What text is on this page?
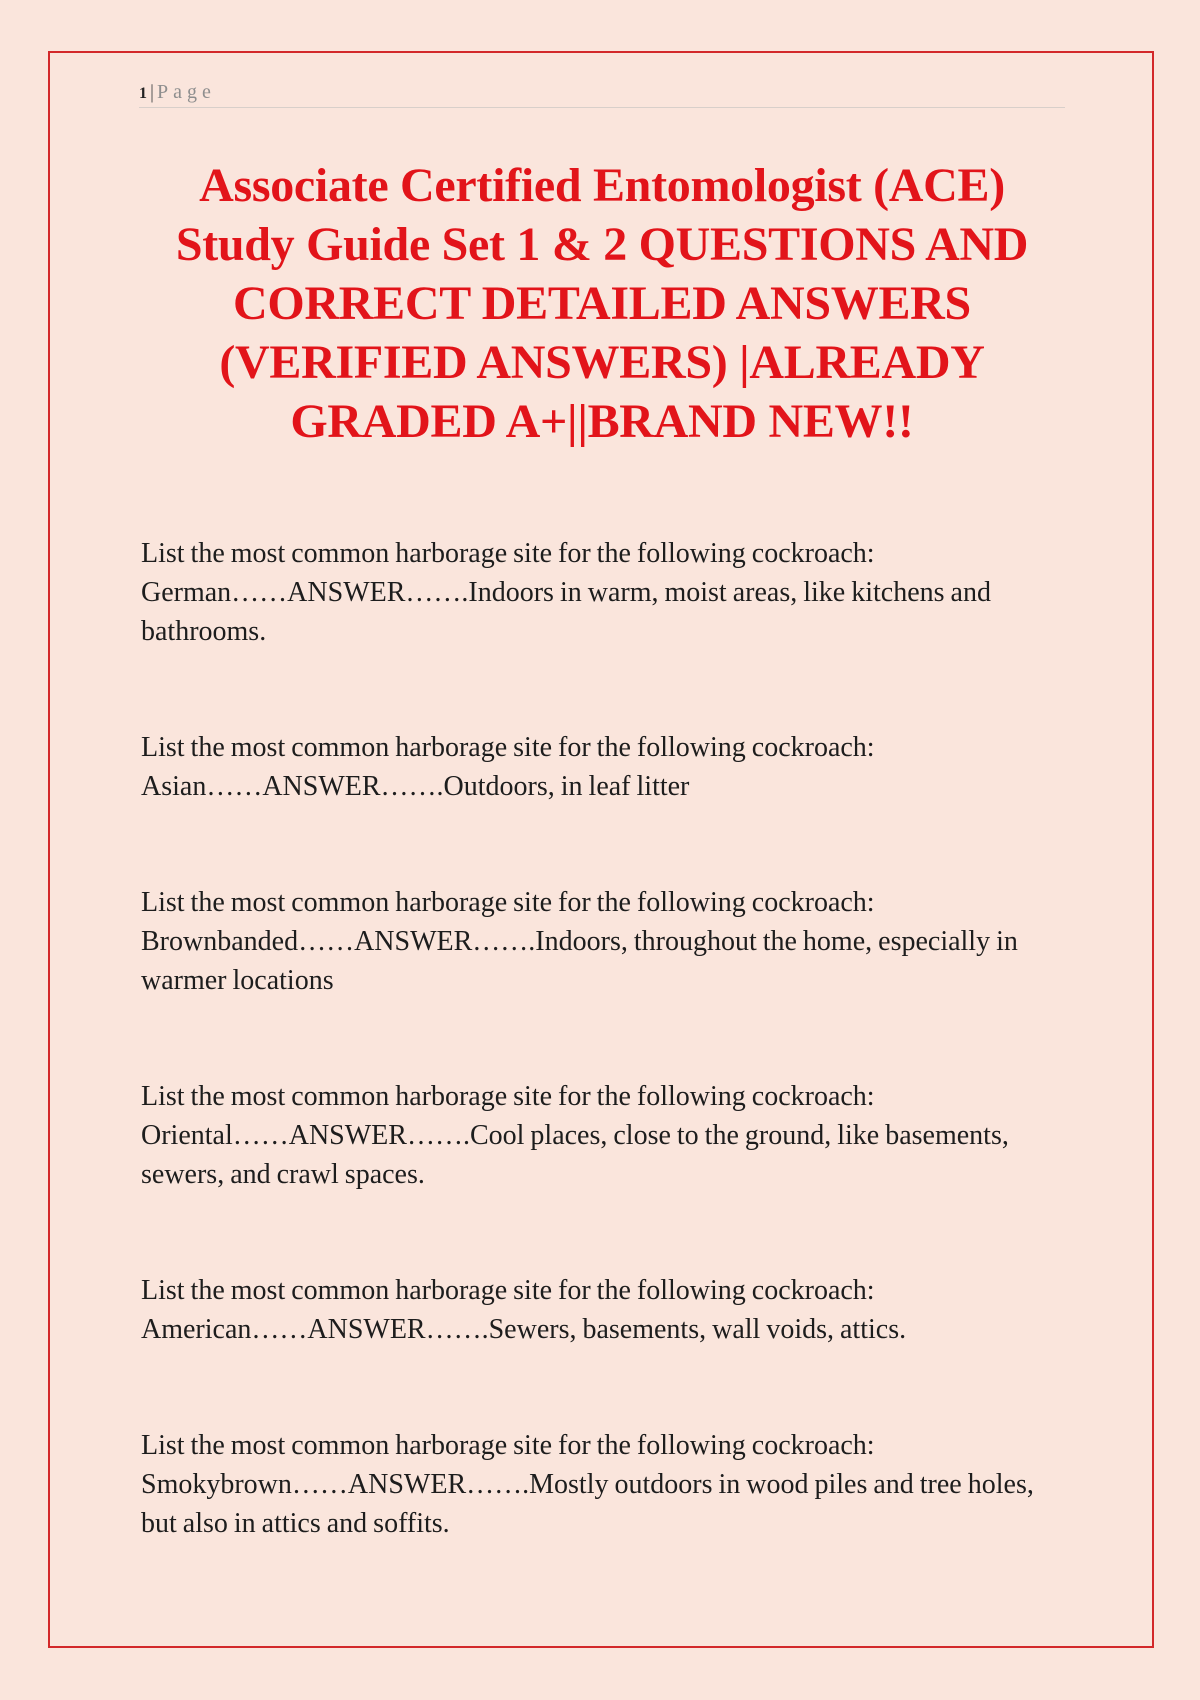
1 | Page
Associate Certified Entomologist (ACE) Study Guide Set 1 & 2 QUESTIONS AND CORRECT DETAILED ANSWERS (VERIFIED ANSWERS) |ALREADY GRADED A+||BRAND NEW!!
List the most common harborage site for the following cockroach:
German……ANSWER…….Indoors in warm, moist areas, like kitchens and bathrooms.
List the most common harborage site for the following cockroach:
Asian……ANSWER…….Outdoors, in leaf litter
List the most common harborage site for the following cockroach:
Brownbanded……ANSWER…….Indoors, throughout the home, especially in warmer locations
List the most common harborage site for the following cockroach:
Oriental……ANSWER…….Cool places, close to the ground, like basements, sewers, and crawl spaces.
List the most common harborage site for the following cockroach:
American……ANSWER…….Sewers, basements, wall voids, attics.
List the most common harborage site for the following cockroach:
Smokybrown……ANSWER…….Mostly outdoors in wood piles and tree holes, but also in attics and soffits.
